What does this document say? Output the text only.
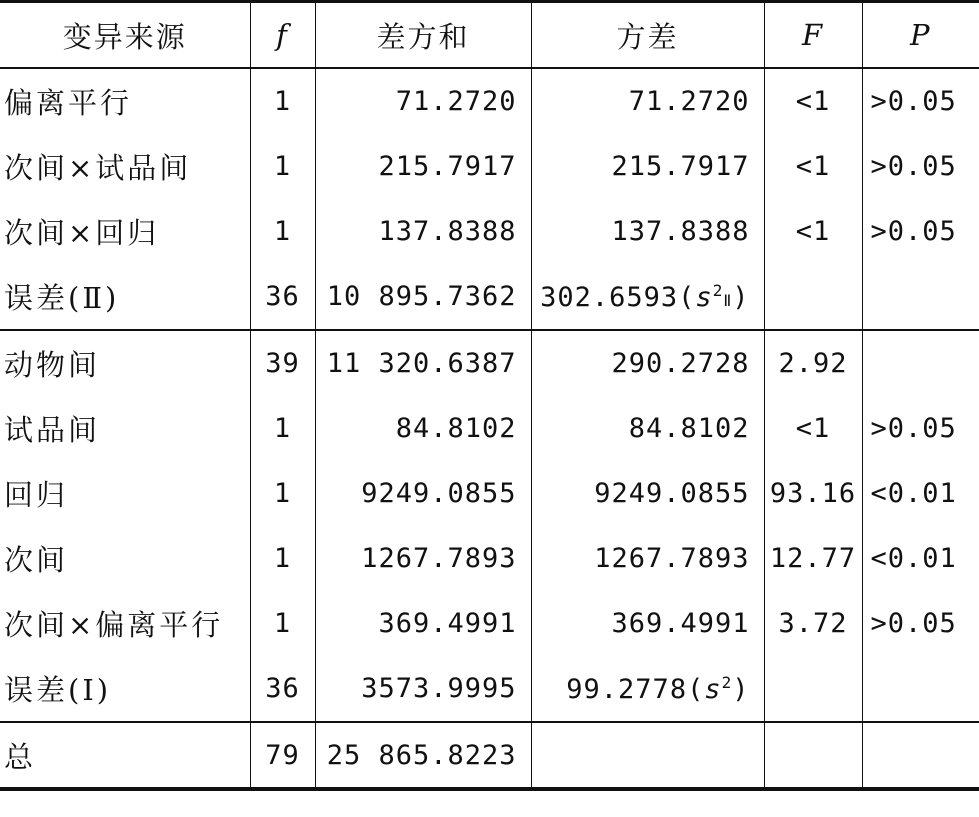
变异来源	f	差方和	方差	F	P
偏离平行	1	71.2720	71.2720	<1	>0.05
次间×试品间	1	215.7917	215.7917	<1	>0.05
次间×回归	1	137.8388	137.8388	<1	>0.05
误差(Ⅱ)	36	10 895.7362	$302.6593(s^2Ⅱ)$		
动物间	39	11 320.6387	290.2728	2.92	
试品间	1	84.8102	84.8102	<1	>0.05
回归	1	9249.0855	9249.0855	93.16	<0.01
次间	1	1267.7893	1267.7893	12.77	<0.01
次间×偏离平行	1	369.4991	369.4991	3.72	>0.05
误差(Ⅰ)	36	3573.9995	$99.2778(s^2)$		
总	79	25 865.8223			
